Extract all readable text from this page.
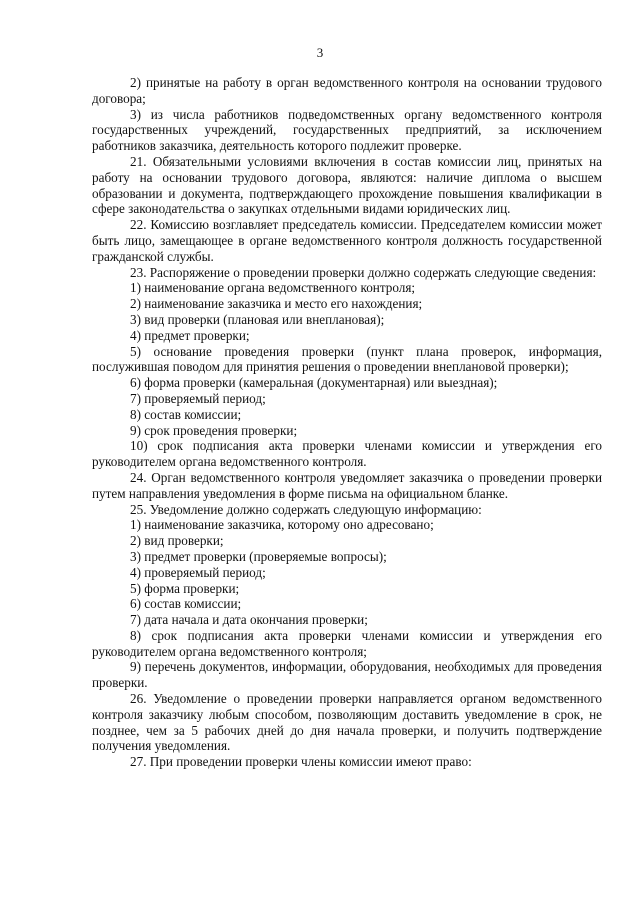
3

2) принятые на работу в орган ведомственного контроля на основании трудового договора;

3) из числа работников подведомственных органу ведомственного контроля государственных учреждений, государственных предприятий, за исключением работников заказчика, деятельность которого подлежит проверке.

21. Обязательными условиями включения в состав комиссии лиц, принятых на работу на основании трудового договора, являются: наличие диплома о высшем образовании и документа, подтверждающего прохождение повышения квалификации в сфере законодательства о закупках отдельными видами юридических лиц.

22. Комиссию возглавляет председатель комиссии. Председателем комиссии может быть лицо, замещающее в органе ведомственного контроля должность государственной гражданской службы.

23. Распоряжение о проведении проверки должно содержать следующие сведения:

1) наименование органа ведомственного контроля;

2) наименование заказчика и место его нахождения;

3) вид проверки (плановая или внеплановая);

4) предмет проверки;

5) основание проведения проверки (пункт плана проверок, информация, послужившая поводом для принятия решения о проведении внеплановой проверки);

6) форма проверки (камеральная (документарная) или выездная);

7) проверяемый период;

8) состав комиссии;

9) срок проведения проверки;

10) срок подписания акта проверки членами комиссии и утверждения его руководителем органа ведомственного контроля.

24. Орган ведомственного контроля уведомляет заказчика о проведении проверки путем направления уведомления в форме письма на официальном бланке.

25. Уведомление должно содержать следующую информацию:

1) наименование заказчика, которому оно адресовано;

2) вид проверки;

3) предмет проверки (проверяемые вопросы);

4) проверяемый период;

5) форма проверки;

6) состав комиссии;

7) дата начала и дата окончания проверки;

8) срок подписания акта проверки членами комиссии и утверждения его руководителем органа ведомственного контроля;

9) перечень документов, информации, оборудования, необходимых для проведения проверки.

26. Уведомление о проведении проверки направляется органом ведомственного контроля заказчику любым способом, позволяющим доставить уведомление в срок, не позднее, чем за 5 рабочих дней до дня начала проверки, и получить подтверждение получения уведомления.

27. При проведении проверки члены комиссии имеют право:
